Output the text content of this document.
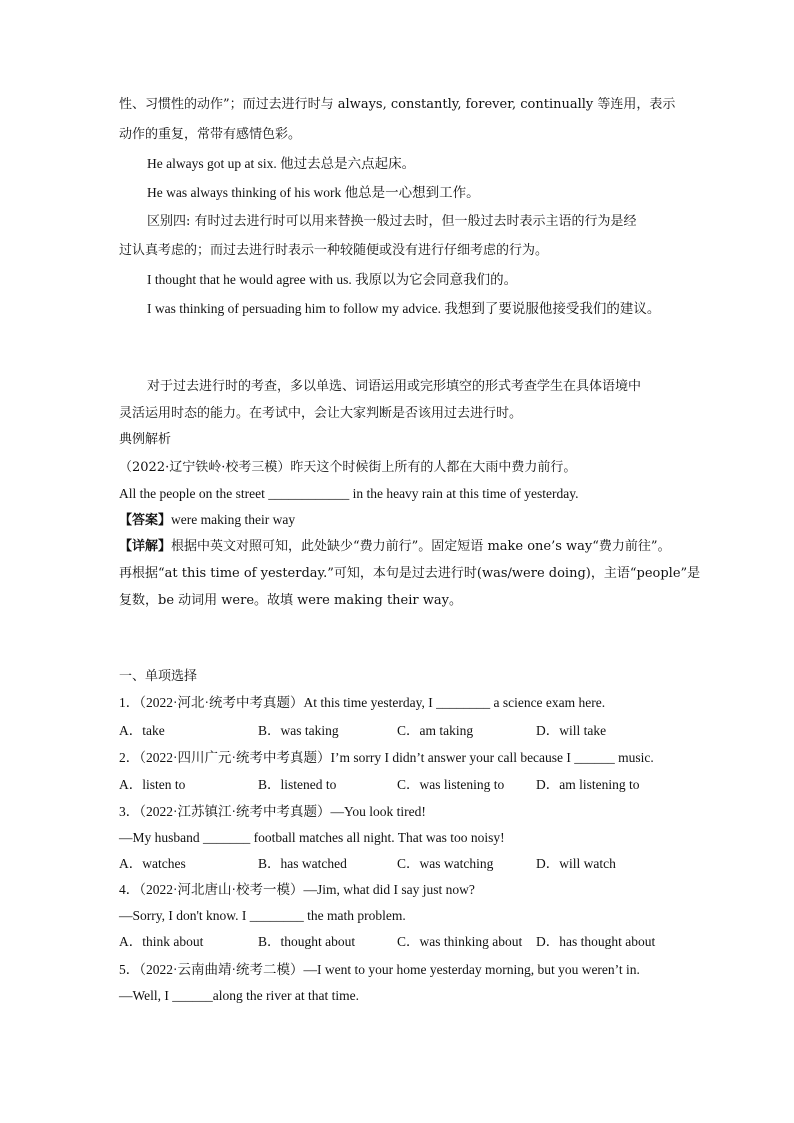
性、习惯性的动作”；而过去进行时与 always, constantly, forever, continually 等连用，表示
动作的重复，常带有感情色彩。
He always got up at six. 他过去总是六点起床。
He was always thinking of his work 他总是一心想到工作。
区别四: 有时过去进行时可以用来替换一般过去时，但一般过去时表示主语的行为是经
过认真考虑的；而过去进行时表示一种较随便或没有进行仔细考虑的行为。
I thought that he would agree with us. 我原以为它会同意我们的。
I was thinking of persuading him to follow my advice. 我想到了要说服他接受我们的建议。
对于过去进行时的考查，多以单选、词语运用或完形填空的形式考查学生在具体语境中
灵活运用时态的能力。在考试中，会让大家判断是否该用过去进行时。
典例解析
（2022·辽宁铁岭·校考三模）昨天这个时候街上所有的人都在大雨中费力前行。
All the people on the street ____________ in the heavy rain at this time of yesterday.
【答案】were making their way
【详解】根据中英文对照可知，此处缺少“费力前行”。固定短语 make one’s way“费力前往”。
再根据“at this time of yesterday.”可知，本句是过去进行时(was/were doing)，主语“people”是
复数，be 动词用 were。故填 were making their way。
一、单项选择
1．（2022·河北·统考中考真题）At this time yesterday, I ________ a science exam here.
A．take	B．was taking	C．am taking	D．will take
2．（2022·四川广元·统考中考真题）I’m sorry I didn’t answer your call because I ______ music.
A．listen to	B．listened to	C．was listening to D．am listening to
3．（2022·江苏镇江·统考中考真题）—You look tired!
—My husband _______ football matches all night. That was too noisy!
A．watches	B．has watched	C．was watching	D．will watch
4．（2022·河北唐山·校考一模）—Jim, what did I say just now?
—Sorry, I don't know. I ________ the math problem.
A．think about	B．thought about	C．was thinking about D．has thought about
5．（2022·云南曲靖·统考二模）—I went to your home yesterday morning, but you weren’t in.
—Well, I ______along the river at that time.
